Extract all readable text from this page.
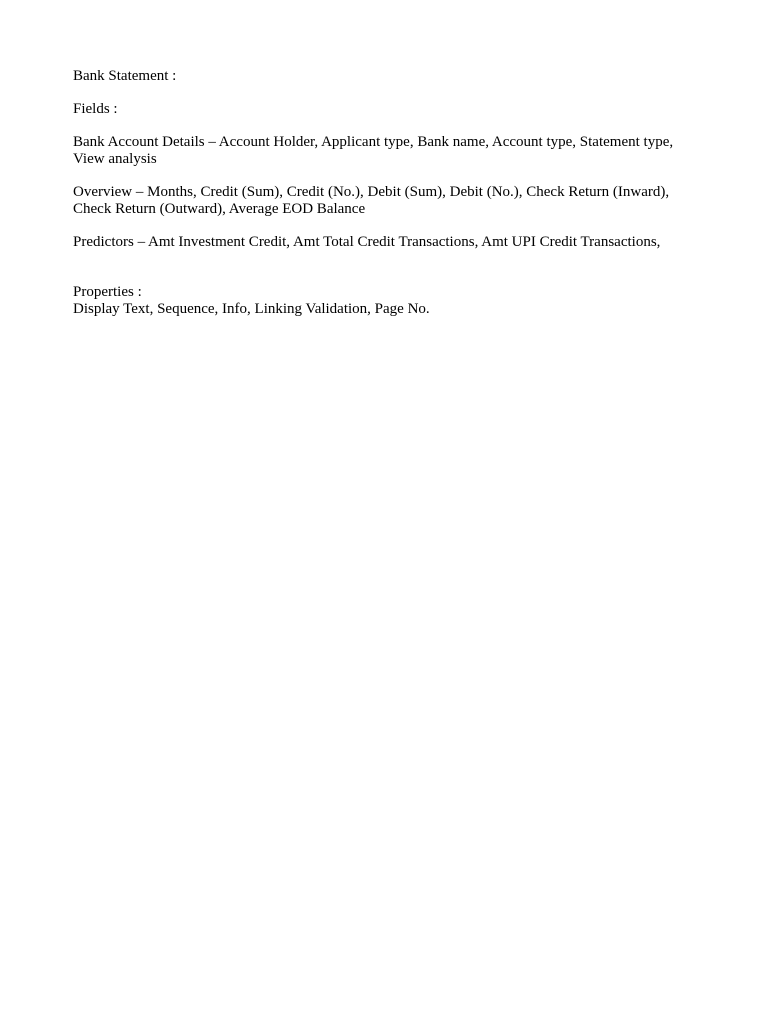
Bank Statement :

Fields :

Bank Account Details – Account Holder, Applicant type, Bank name, Account type, Statement type, View analysis

Overview – Months, Credit (Sum), Credit (No.), Debit (Sum), Debit (No.), Check Return (Inward), Check Return (Outward), Average EOD Balance

Predictors – Amt Investment Credit, Amt Total Credit Transactions, Amt UPI Credit Transactions,

Properties :

Display Text, Sequence, Info, Linking Validation, Page No.
